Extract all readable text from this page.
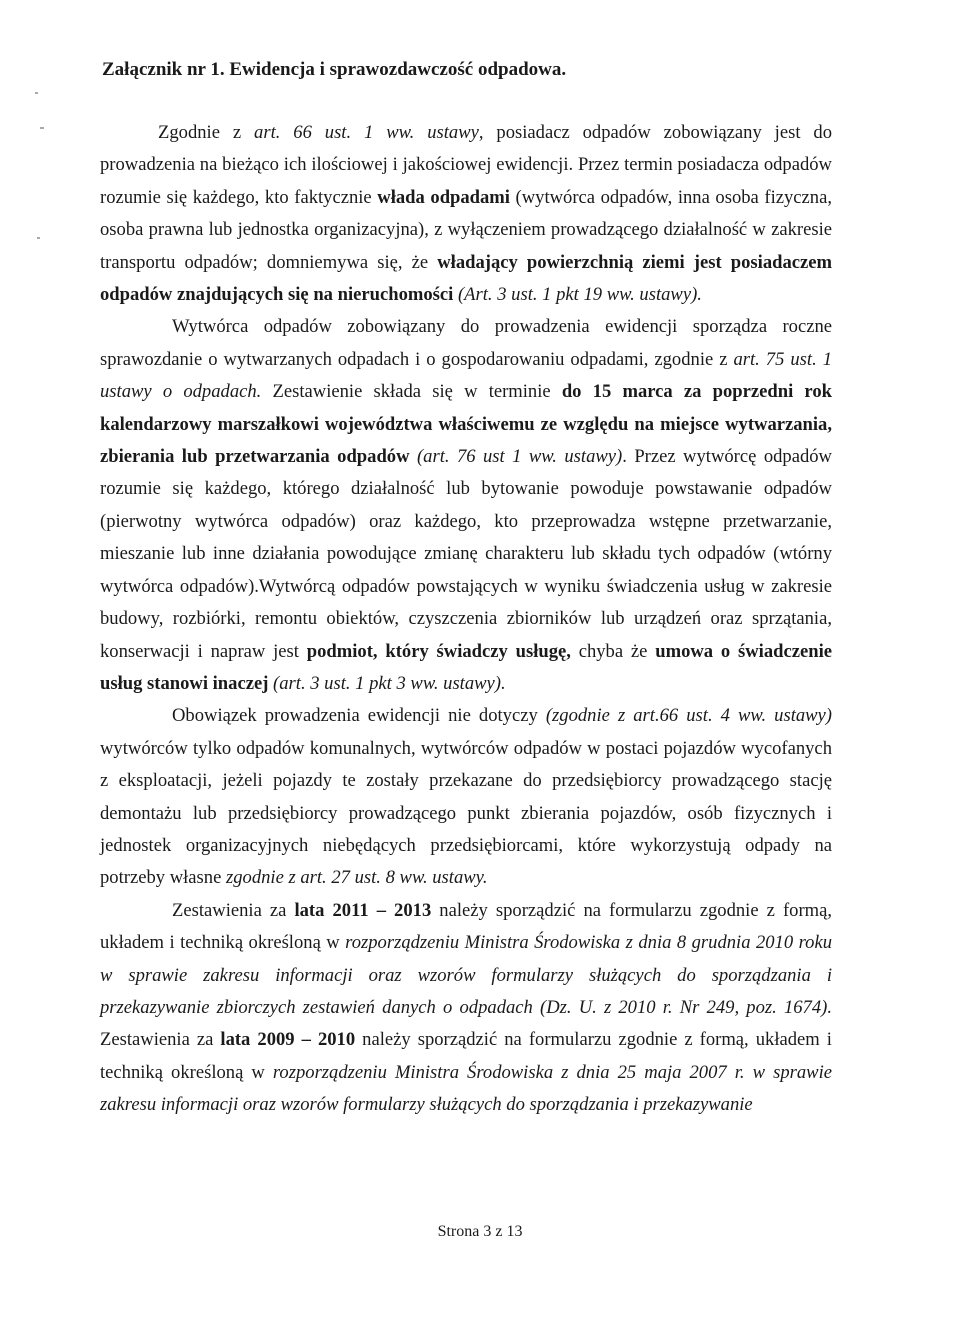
Załącznik nr 1. Ewidencja i sprawozdawczość odpadowa.

Zgodnie z art. 66 ust. 1 ww. ustawy, posiadacz odpadów zobowiązany jest do prowadzenia na bieżąco ich ilościowej i jakościowej ewidencji. Przez termin posiadacza odpadów rozumie się każdego, kto faktycznie włada odpadami (wytwórca odpadów, inna osoba fizyczna, osoba prawna lub jednostka organizacyjna), z wyłączeniem prowadzącego działalność w zakresie transportu odpadów; domniemywa się, że władający powierzchnią ziemi jest posiadaczem odpadów znajdujących się na nieruchomości (Art. 3 ust. 1 pkt 19 ww. ustawy).

Wytwórca odpadów zobowiązany do prowadzenia ewidencji sporządza roczne sprawozdanie o wytwarzanych odpadach i o gospodarowaniu odpadami, zgodnie z art. 75 ust. 1 ustawy o odpadach. Zestawienie składa się w terminie do 15 marca za poprzedni rok kalendarzowy marszałkowi województwa właściwemu ze względu na miejsce wytwarzania, zbierania lub przetwarzania odpadów (art. 76 ust 1 ww. ustawy). Przez wytwórcę odpadów rozumie się każdego, którego działalność lub bytowanie powoduje powstawanie odpadów (pierwotny wytwórca odpadów) oraz każdego, kto przeprowadza wstępne przetwarzanie, mieszanie lub inne działania powodujące zmianę charakteru lub składu tych odpadów (wtórny wytwórca odpadów).Wytwórcą odpadów powstających w wyniku świadczenia usług w zakresie budowy, rozbiórki, remontu obiektów, czyszczenia zbiorników lub urządzeń oraz sprzątania, konserwacji i napraw jest podmiot, który świadczy usługę, chyba że umowa o świadczenie usług stanowi inaczej (art. 3 ust. 1 pkt 3 ww. ustawy).

Obowiązek prowadzenia ewidencji nie dotyczy (zgodnie z art.66 ust. 4 ww. ustawy) wytwórców tylko odpadów komunalnych, wytwórców odpadów w postaci pojazdów wycofanych z eksploatacji, jeżeli pojazdy te zostały przekazane do przedsiębiorcy prowadzącego stację demontażu lub przedsiębiorcy prowadzącego punkt zbierania pojazdów, osób fizycznych i jednostek organizacyjnych niebędących przedsiębiorcami, które wykorzystują odpady na potrzeby własne zgodnie z art. 27 ust. 8 ww. ustawy.

Zestawienia za lata 2011 – 2013 należy sporządzić na formularzu zgodnie z formą, układem i techniką określoną w rozporządzeniu Ministra Środowiska z dnia 8 grudnia 2010 roku w sprawie zakresu informacji oraz wzorów formularzy służących do sporządzania i przekazywanie zbiorczych zestawień danych o odpadach (Dz. U. z 2010 r. Nr 249, poz. 1674). Zestawienia za lata 2009 – 2010 należy sporządzić na formularzu zgodnie z formą, układem i techniką określoną w rozporządzeniu Ministra Środowiska z dnia 25 maja 2007 r. w sprawie zakresu informacji oraz wzorów formularzy służących do sporządzania i przekazywanie

Strona 3 z 13
